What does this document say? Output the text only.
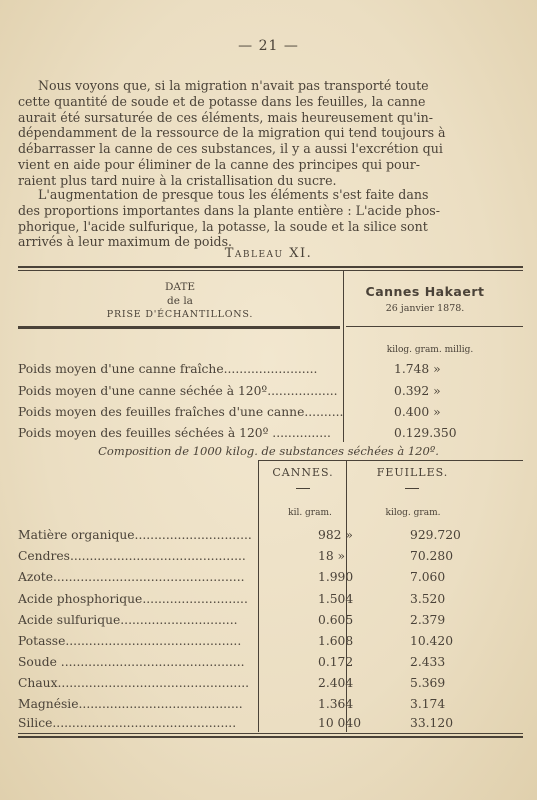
— 21 —

Nous voyons que, si la migration n'avait pas transporté toute
cette quantité de soude et de potasse dans les feuilles, la canne
aurait été sursaturée de ces éléments, mais heureusement qu'in-
dépendamment de la ressource de la migration qui tend toujours à
débarrasser la canne de ces substances, il y a aussi l'excrétion qui
vient en aide pour éliminer de la canne des principes qui pour-
raient plus tard nuire à la cristallisation du sucre.

L'augmentation de presque tous les éléments s'est faite dans
des proportions importantes dans la plante entière : L'acide phos-
phorique, l'acide sulfurique, la potasse, la soude et la silice sont
arrivés à leur maximum de poids.

Tableau XI.
DATE
de la
PRISE D'ÉCHANTILLONS.
Cannes Hakaert
26 janvier 1878.
kilog. gram. millig.
Poids moyen d'une canne fraîche........................	1.748 »
Poids moyen d'une canne séchée à 120º..................	0.392 »
Poids moyen des feuilles fraîches d'une canne..........	0.400 »
Poids moyen des feuilles séchées à 120º ...............	0.129.350
Composition de 1000 kilog. de substances séchées à 120º.
CANNES.	FEUILLES.
kil. gram.	kilog. gram.
Matière organique..............................	982 »	929.720
Cendres.............................................	18 »	70.280
Azote.................................................	1.990	7.060
Acide phosphorique...........................	1.504	3.520
Acide sulfurique..............................	0.605	2.379
Potasse.............................................	1.608	10.420
Soude ...............................................	0.172	2.433
Chaux.................................................	2.404	5.369
Magnésie..........................................	1.364	3.174
Silice...............................................	10 040	33.120
